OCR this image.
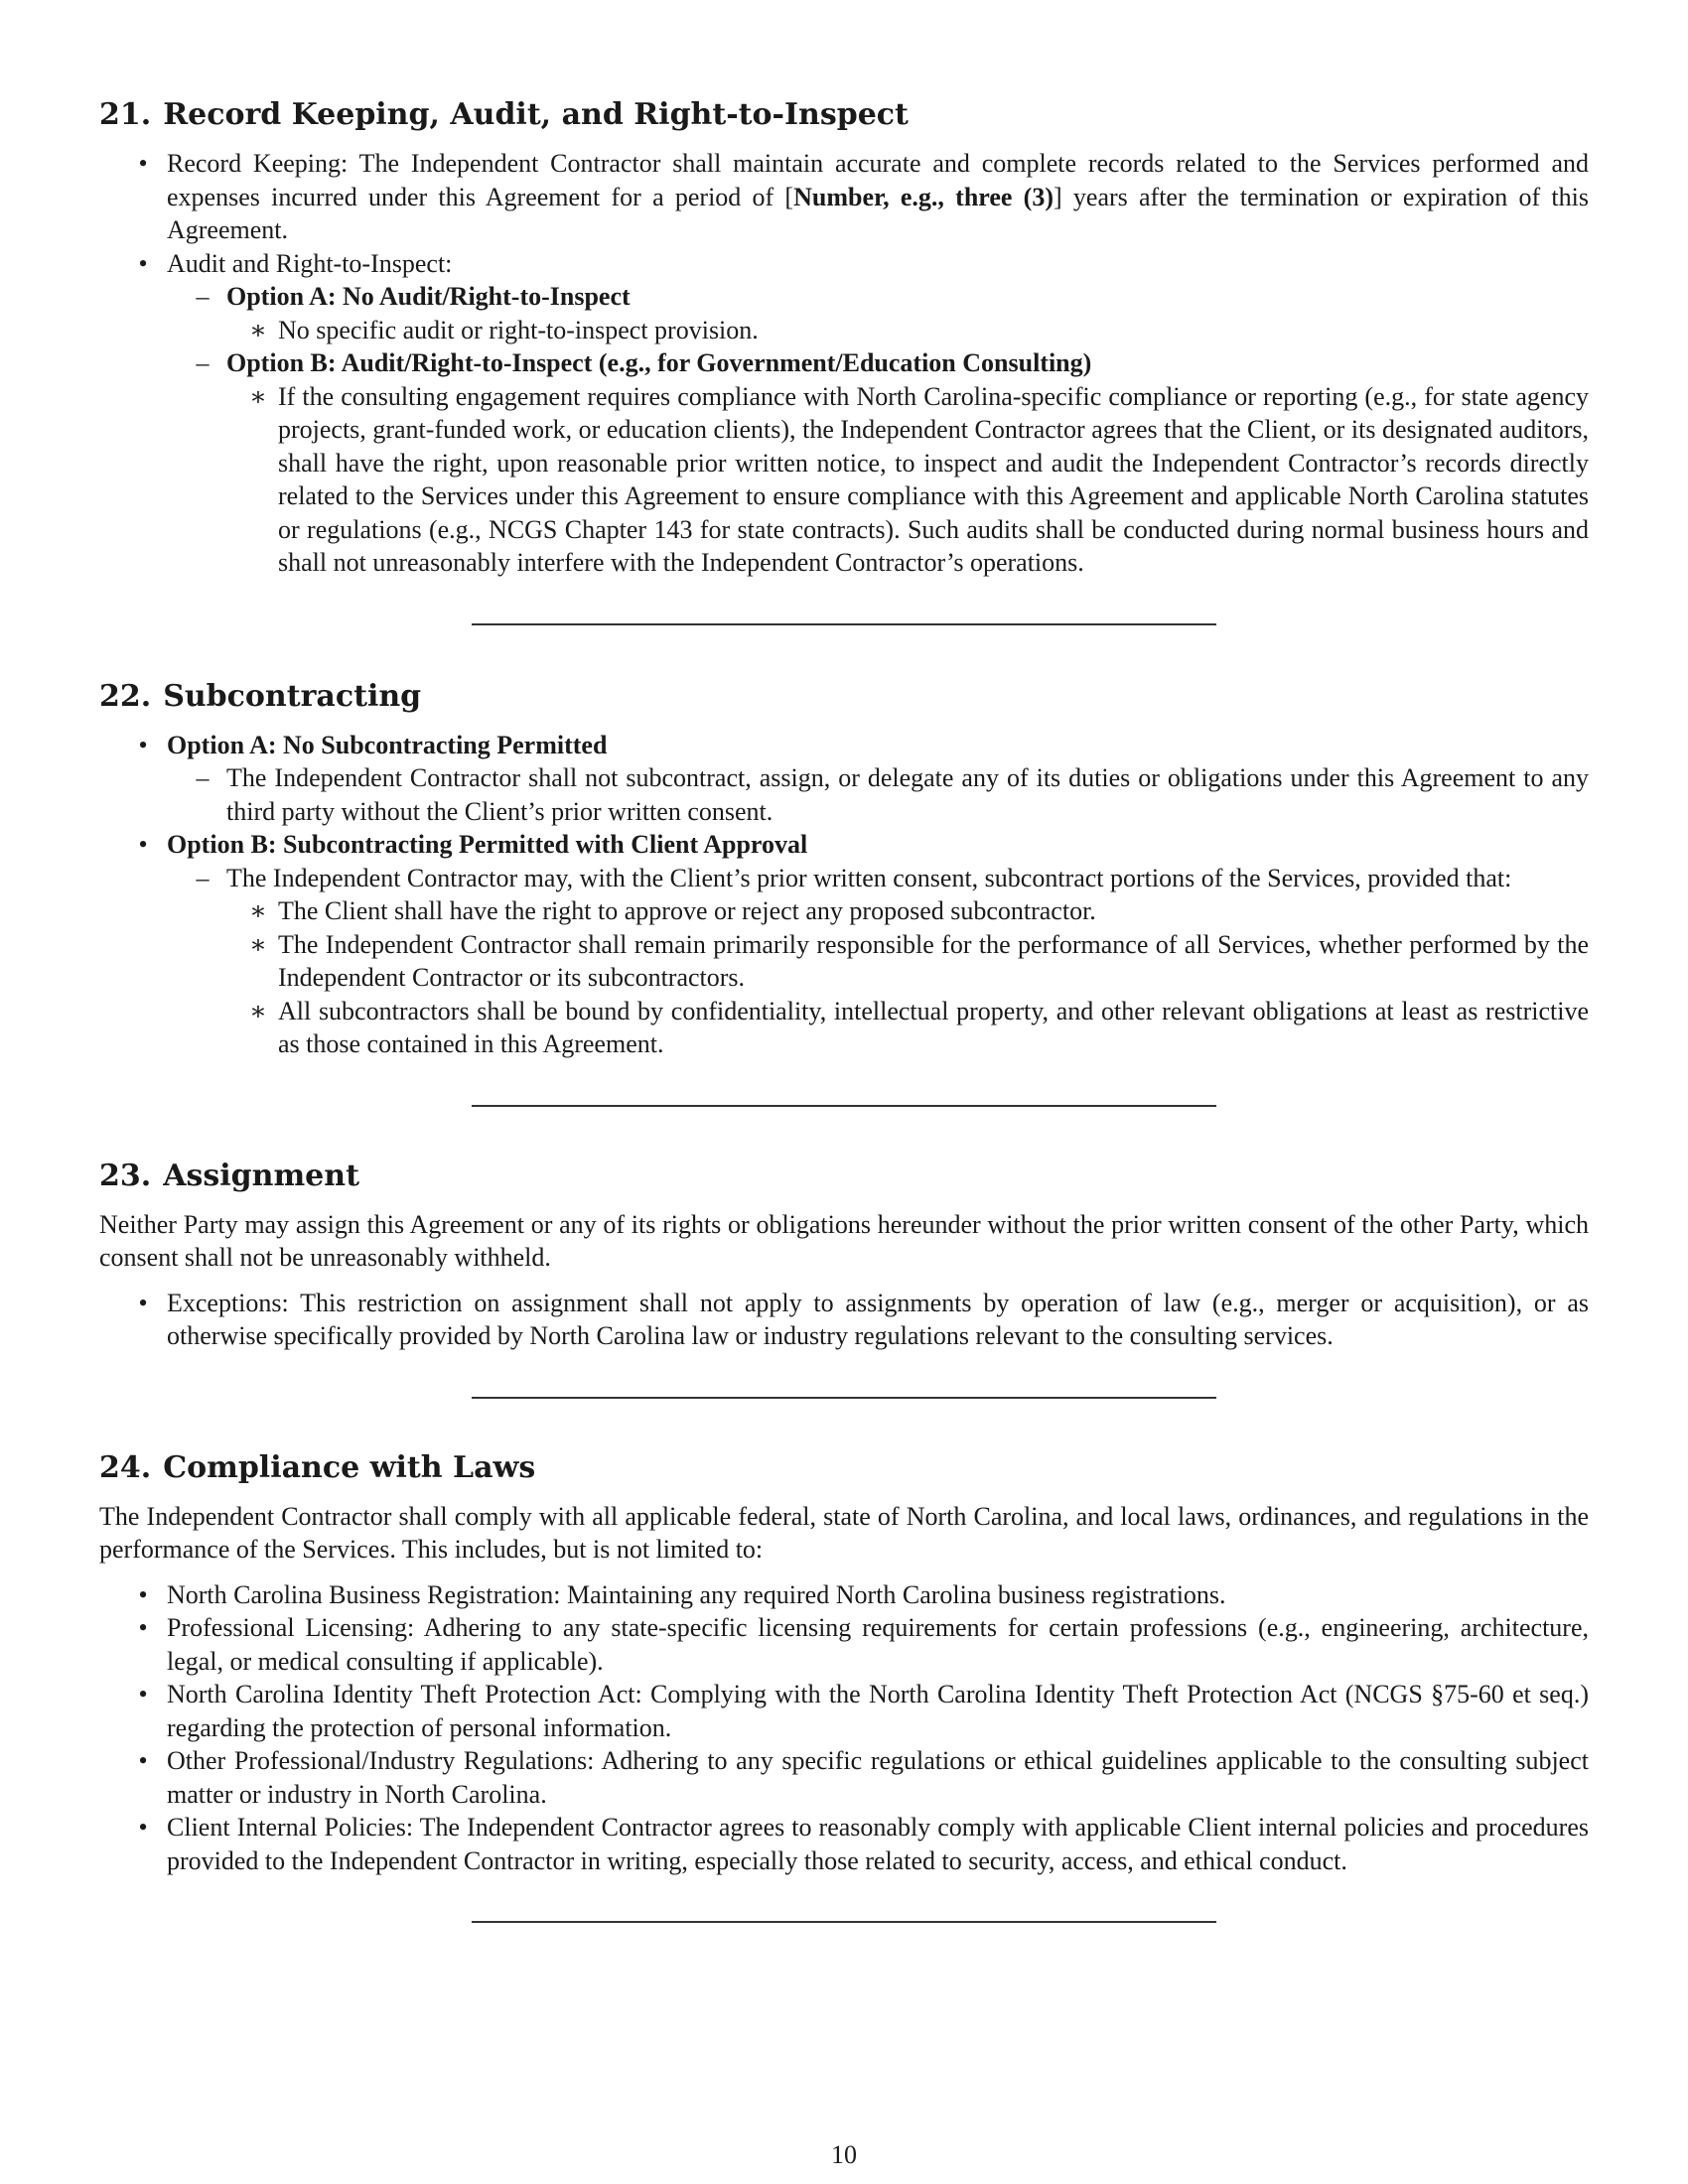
21. Record Keeping, Audit, and Right-to-Inspect
• Record Keeping: The Independent Contractor shall maintain accurate and complete records related to the Services performed and expenses incurred under this Agreement for a period of [Number, e.g., three (3)] years after the termination or expiration of this Agreement.
• Audit and Right-to-Inspect:
– Option A: No Audit/Right-to-Inspect
∗ No specific audit or right-to-inspect provision.
– Option B: Audit/Right-to-Inspect (e.g., for Government/Education Consulting)
∗ If the consulting engagement requires compliance with North Carolina-specific compliance or reporting (e.g., for state agency projects, grant-funded work, or education clients), the Independent Contractor agrees that the Client, or its designated auditors, shall have the right, upon reasonable prior written notice, to inspect and audit the Independent Contractor’s records directly related to the Services under this Agreement to ensure compliance with this Agreement and applicable North Carolina statutes or regulations (e.g., NCGS Chapter 143 for state contracts). Such audits shall be conducted during normal business hours and shall not unreasonably interfere with the Independent Contractor’s operations.
22. Subcontracting
• Option A: No Subcontracting Permitted
– The Independent Contractor shall not subcontract, assign, or delegate any of its duties or obligations under this Agreement to any third party without the Client’s prior written consent.
• Option B: Subcontracting Permitted with Client Approval
– The Independent Contractor may, with the Client’s prior written consent, subcontract portions of the Services, provided that:
∗ The Client shall have the right to approve or reject any proposed subcontractor.
∗ The Independent Contractor shall remain primarily responsible for the performance of all Services, whether performed by the Independent Contractor or its subcontractors.
∗ All subcontractors shall be bound by confidentiality, intellectual property, and other relevant obligations at least as restrictive as those contained in this Agreement.
23. Assignment

Neither Party may assign this Agreement or any of its rights or obligations hereunder without the prior written consent of the other Party, which consent shall not be unreasonably withheld.

• Exceptions: This restriction on assignment shall not apply to assignments by operation of law (e.g., merger or acquisition), or as otherwise specifically provided by North Carolina law or industry regulations relevant to the consulting services.
24. Compliance with Laws

The Independent Contractor shall comply with all applicable federal, state of North Carolina, and local laws, ordinances, and regulations in the performance of the Services. This includes, but is not limited to:

• North Carolina Business Registration: Maintaining any required North Carolina business registrations.
• Professional Licensing: Adhering to any state-specific licensing requirements for certain professions (e.g., engineering, architecture, legal, or medical consulting if applicable).
• North Carolina Identity Theft Protection Act: Complying with the North Carolina Identity Theft Protection Act (NCGS §75-60 et seq.) regarding the protection of personal information.
• Other Professional/Industry Regulations: Adhering to any specific regulations or ethical guidelines applicable to the consulting subject matter or industry in North Carolina.
• Client Internal Policies: The Independent Contractor agrees to reasonably comply with applicable Client internal policies and procedures provided to the Independent Contractor in writing, especially those related to security, access, and ethical conduct.
10
